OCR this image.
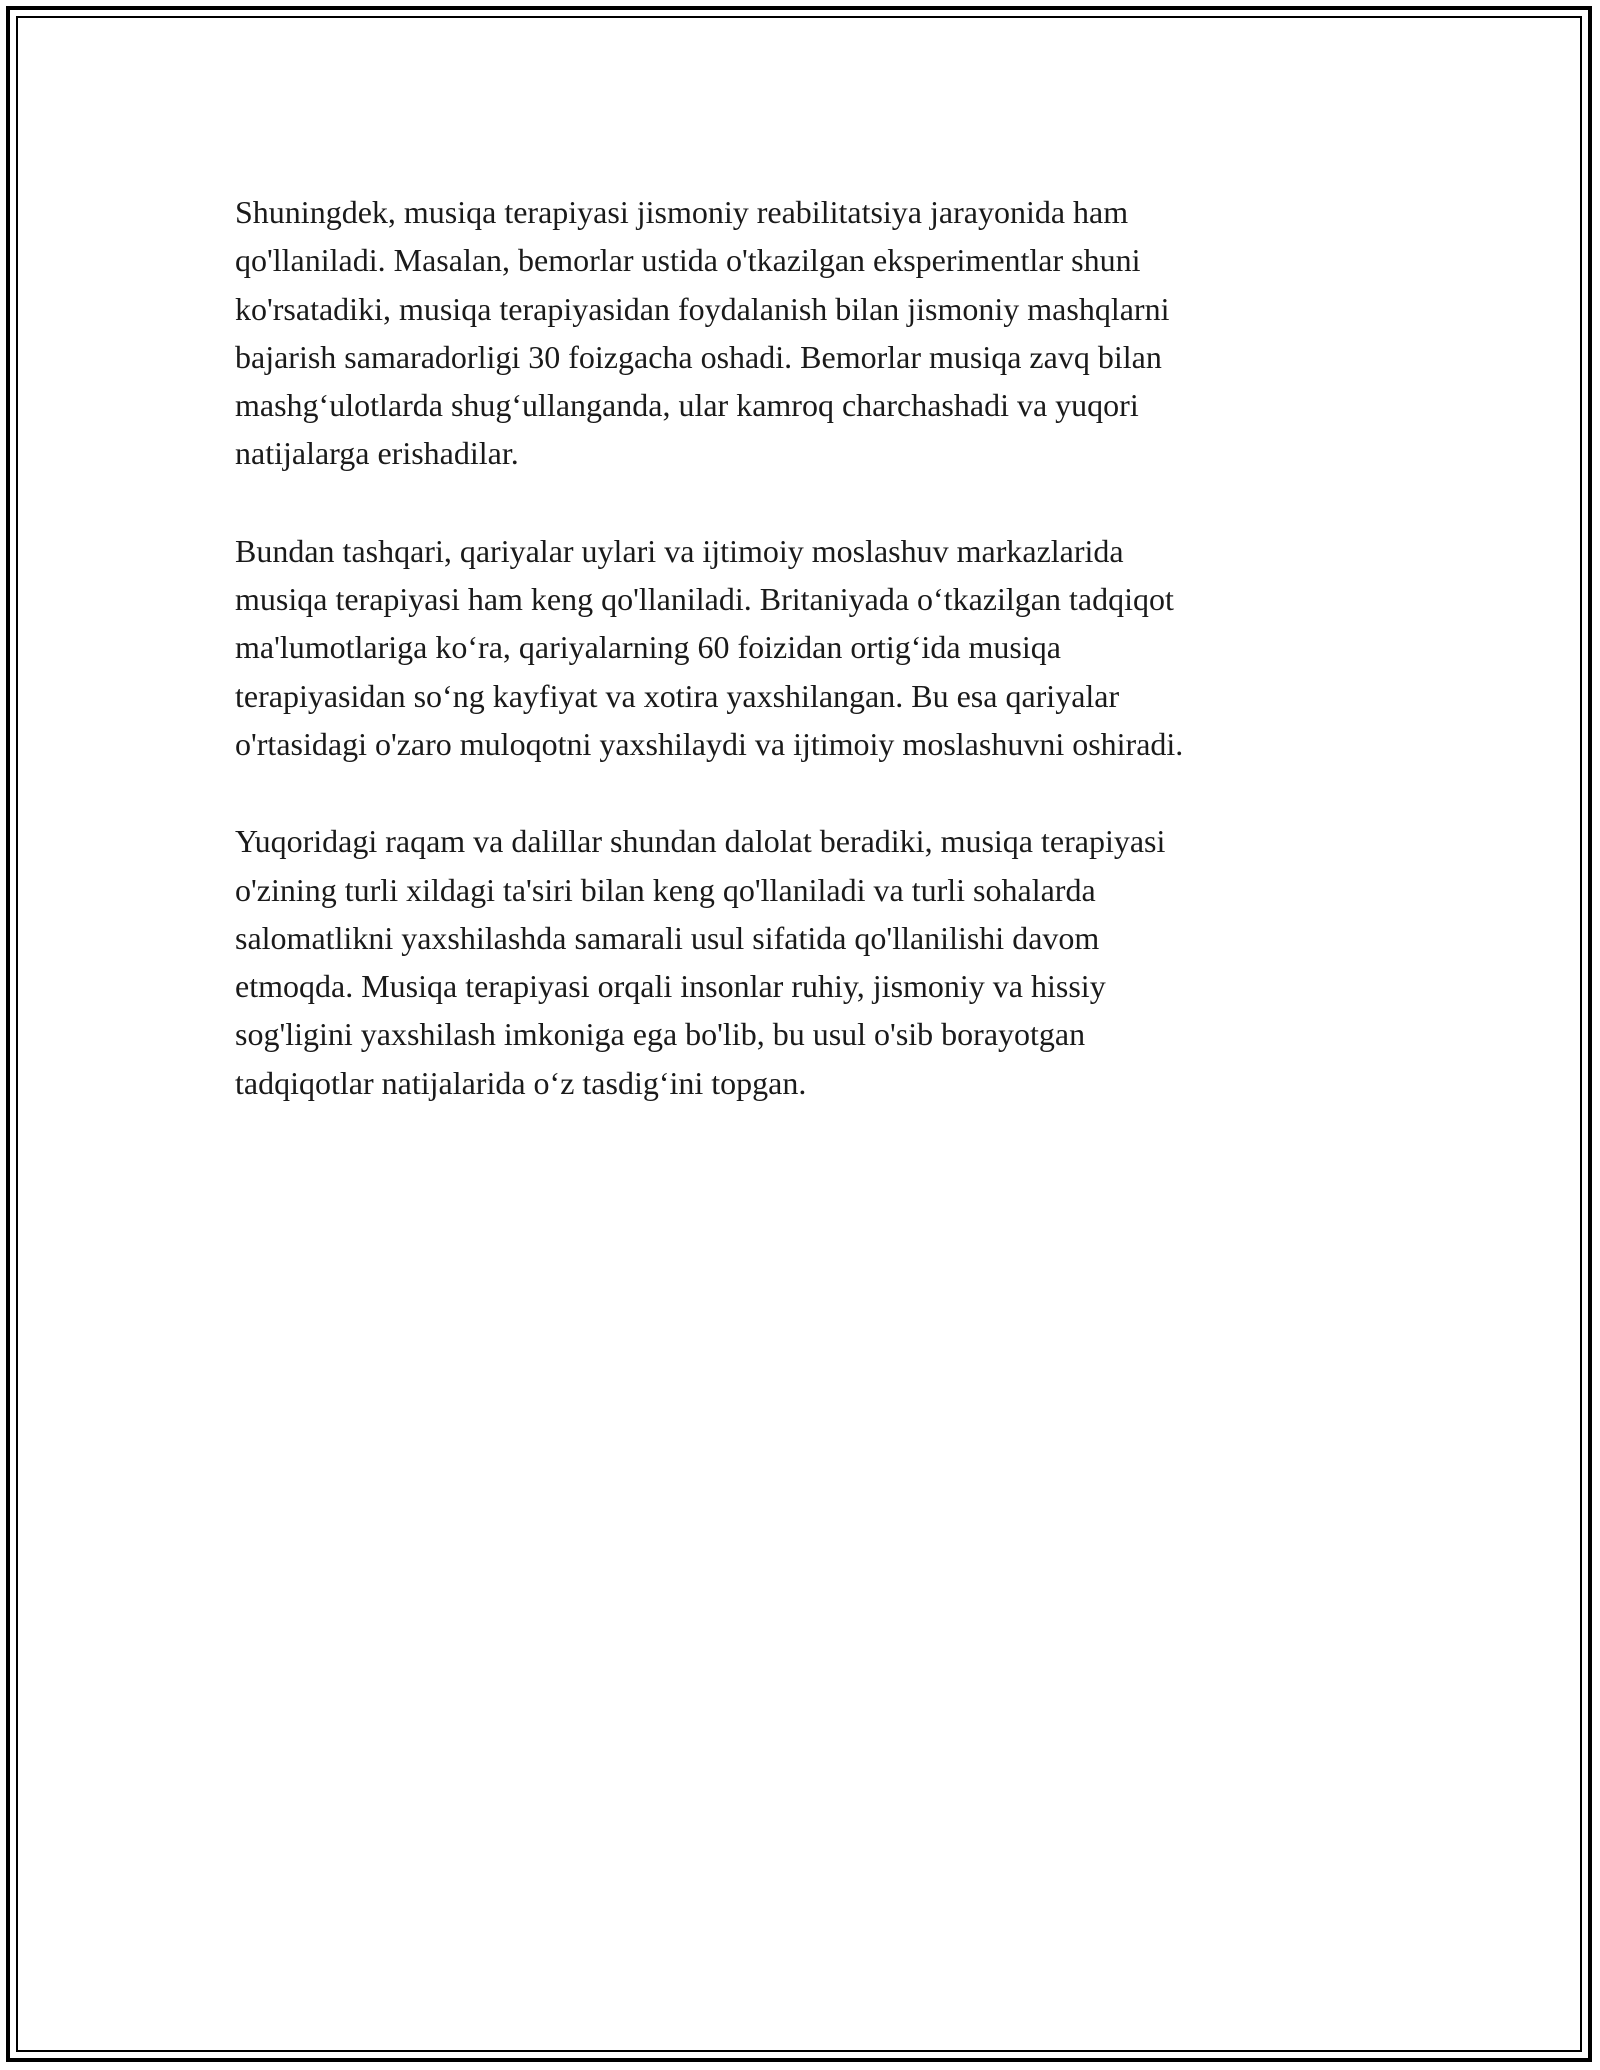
Shuningdek, musiqa terapiyasi jismoniy reabilitatsiya jarayonida ham
qo'llaniladi. Masalan, bemorlar ustida o'tkazilgan eksperimentlar shuni
ko'rsatadiki, musiqa terapiyasidan foydalanish bilan jismoniy mashqlarni
bajarish samaradorligi 30 foizgacha oshadi. Bemorlar musiqa zavq bilan
mashg‘ulotlarda shug‘ullanganda, ular kamroq charchashadi va yuqori
natijalarga erishadilar.

Bundan tashqari, qariyalar uylari va ijtimoiy moslashuv markazlarida
musiqa terapiyasi ham keng qo'llaniladi. Britaniyada o‘tkazilgan tadqiqot
ma'lumotlariga ko‘ra, qariyalarning 60 foizidan ortig‘ida musiqa
terapiyasidan so‘ng kayfiyat va xotira yaxshilangan. Bu esa qariyalar
o'rtasidagi o'zaro muloqotni yaxshilaydi va ijtimoiy moslashuvni oshiradi.

Yuqoridagi raqam va dalillar shundan dalolat beradiki, musiqa terapiyasi
o'zining turli xildagi ta'siri bilan keng qo'llaniladi va turli sohalarda
salomatlikni yaxshilashda samarali usul sifatida qo'llanilishi davom
etmoqda. Musiqa terapiyasi orqali insonlar ruhiy, jismoniy va hissiy
sog'ligini yaxshilash imkoniga ega bo'lib, bu usul o'sib borayotgan
tadqiqotlar natijalarida o‘z tasdig‘ini topgan.
